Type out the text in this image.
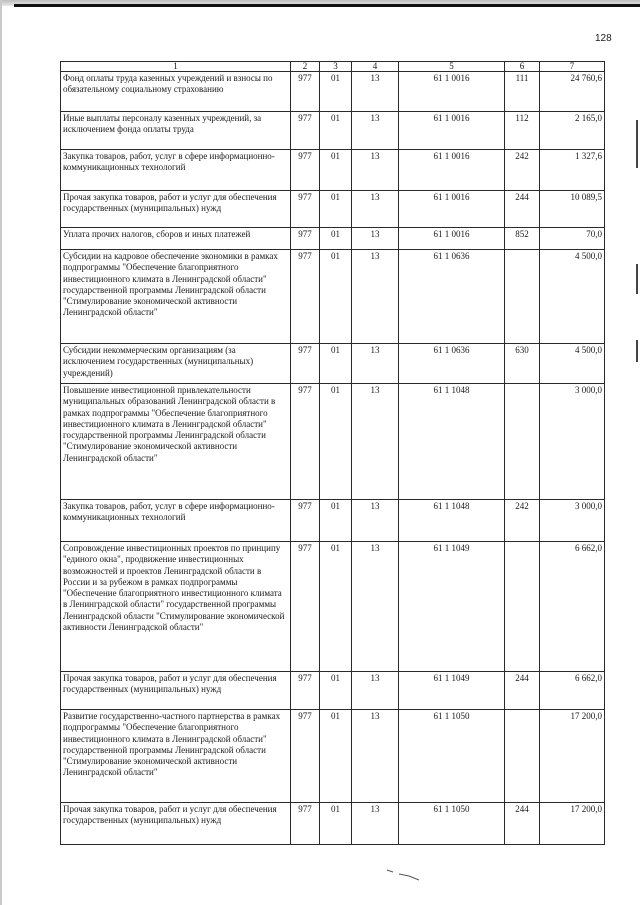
128
1	2	3	4	5	6	7
Фонд оплаты труда казенных учреждений и взносы по обязательному социальному страхованию	977	01	13	61 1 0016	111	24 760,6
Иные выплаты персоналу казенных учреждений, за исключением фонда оплаты труда	977	01	13	61 1 0016	112	2 165,0
Закупка товаров, работ, услуг в сфере информационно-коммуникационных технологий	977	01	13	61 1 0016	242	1 327,6
Прочая закупка товаров, работ и услуг для обеспечения государственных (муниципальных) нужд	977	01	13	61 1 0016	244	10 089,5
Уплата прочих налогов, сборов и иных платежей	977	01	13	61 1 0016	852	70,0
Субсидии на кадровое обеспечение экономики в рамках подпрограммы "Обеспечение благоприятного инвестиционного климата в Ленинградской области" государственной программы Ленинградской области "Стимулирование экономической активности Ленинградской области"	977	01	13	61 1 0636		4 500,0
Субсидии некоммерческим организациям (за исключением государственных (муниципальных) учреждений)	977	01	13	61 1 0636	630	4 500,0
Повышение инвестиционной привлекательности муниципальных образований Ленинградской области в рамках подпрограммы "Обеспечение благоприятного инвестиционного климата в Ленинградской области" государственной программы Ленинградской области "Стимулирование экономической активности Ленинградской области"	977	01	13	61 1 1048		3 000,0
Закупка товаров, работ, услуг в сфере информационно-коммуникационных технологий	977	01	13	61 1 1048	242	3 000,0
Сопровождение инвестиционных проектов по принципу "единого окна", продвижение инвестиционных возможностей и проектов Ленинградской области в России и за рубежом в рамках подпрограммы "Обеспечение благоприятного инвестиционного климата в Ленинградской области" государственной программы Ленинградской области "Стимулирование экономической активности Ленинградской области"	977	01	13	61 1 1049		6 662,0
Прочая закупка товаров, работ и услуг для обеспечения государственных (муниципальных) нужд	977	01	13	61 1 1049	244	6 662,0
Развитие государственно-частного партнерства в рамках подпрограммы "Обеспечение благоприятного инвестиционного климата в Ленинградской области" государственной программы Ленинградской области "Стимулирование экономической активности Ленинградской области"	977	01	13	61 1 1050		17 200,0
Прочая закупка товаров, работ и услуг для обеспечения государственных (муниципальных) нужд	977	01	13	61 1 1050	244	17 200,0
